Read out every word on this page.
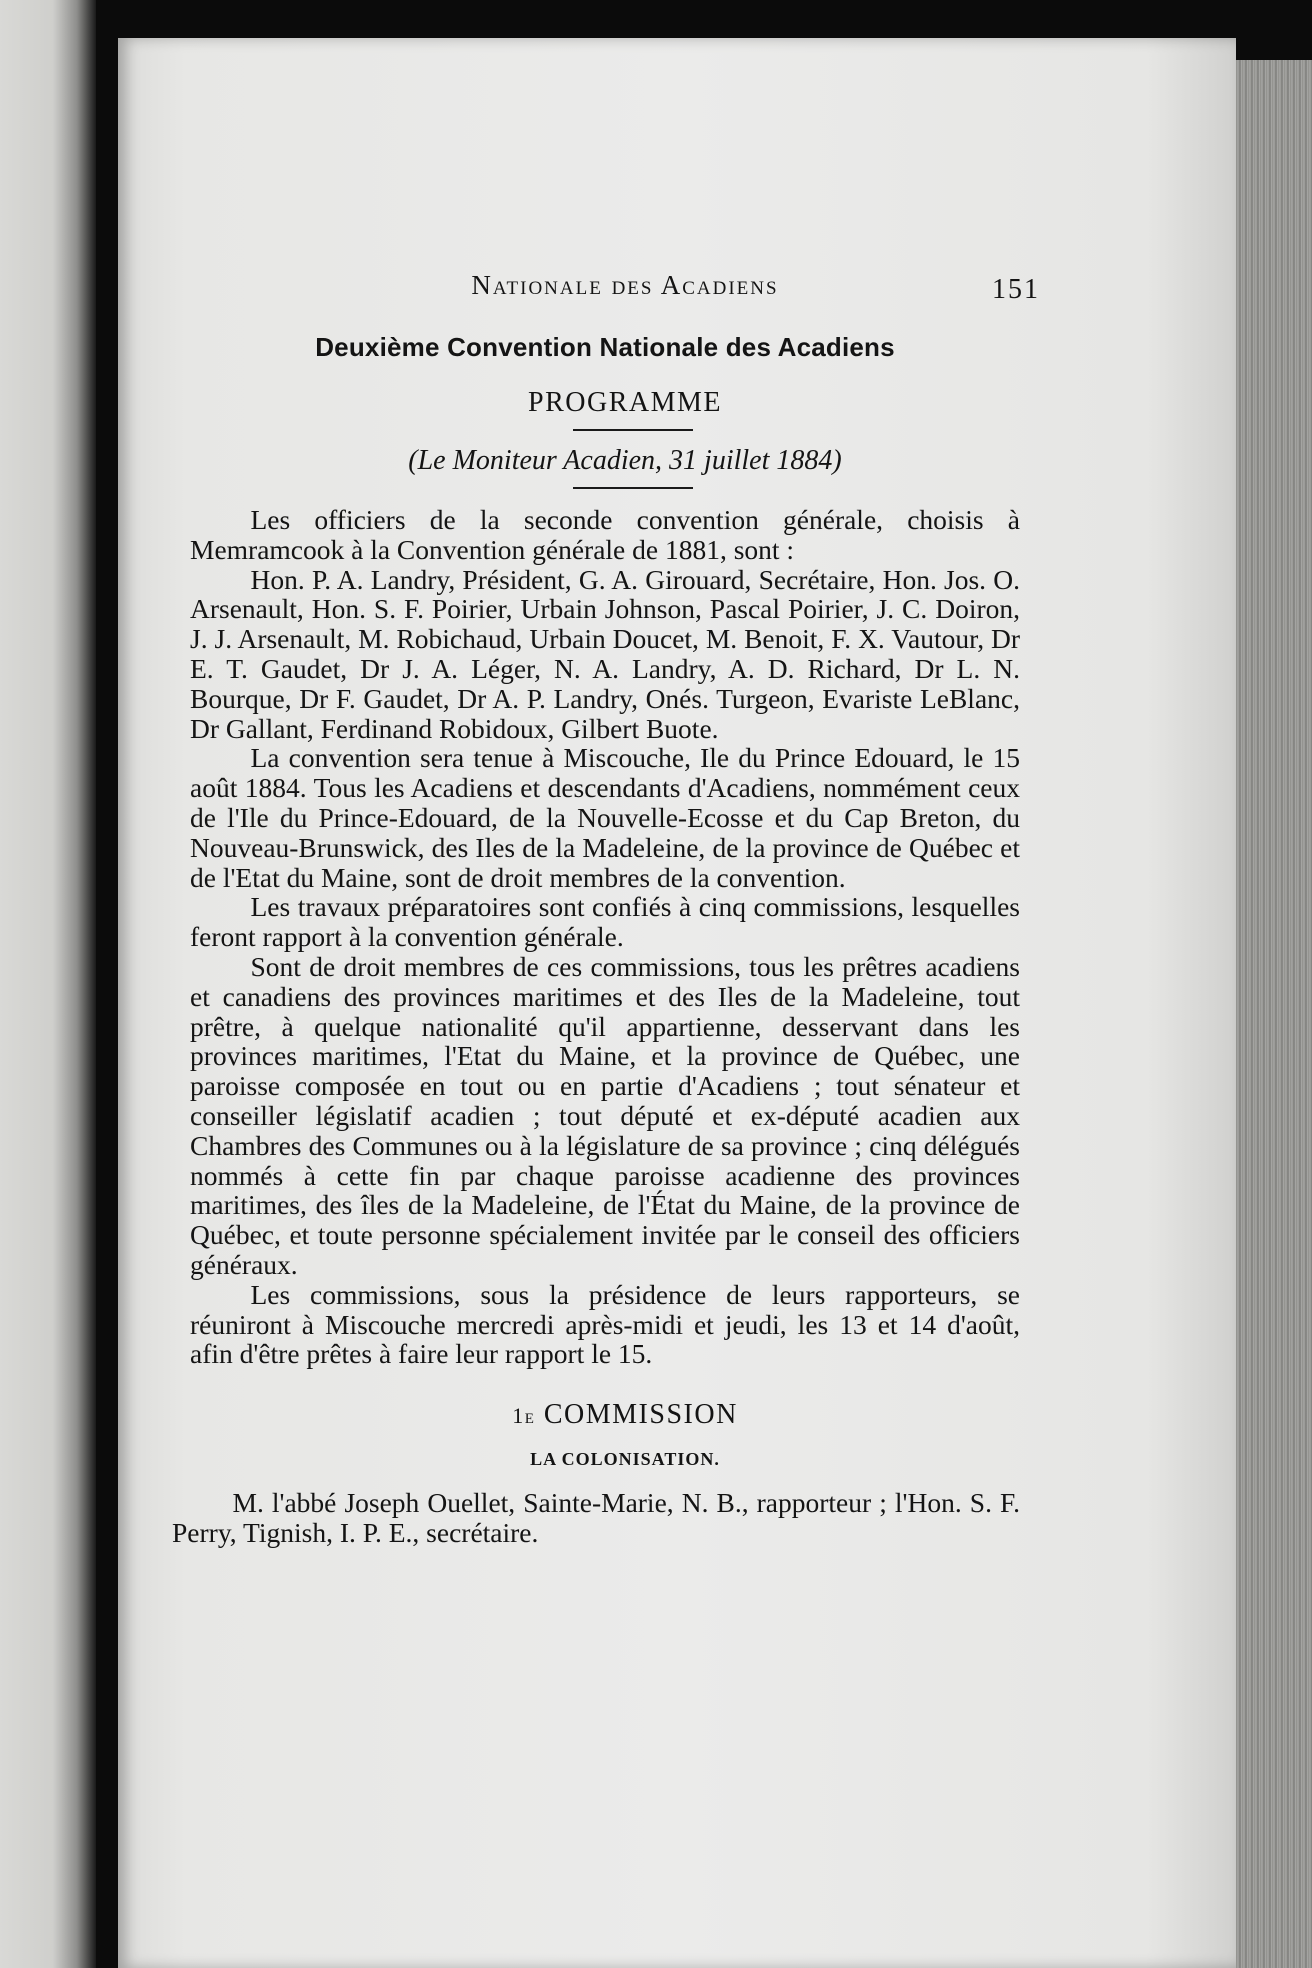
Nationale des Acadiens	151
Deuxième Convention Nationale des Acadiens
PROGRAMME
(Le Moniteur Acadien, 31 juillet 1884)

Les officiers de la seconde convention générale, choisis à Memramcook à la Convention générale de 1881, sont :

Hon. P. A. Landry, Président, G. A. Girouard, Secrétaire, Hon. Jos. O. Arsenault, Hon. S. F. Poirier, Urbain Johnson, Pascal Poirier, J. C. Doiron, J. J. Arsenault, M. Robichaud, Urbain Doucet, M. Benoit, F. X. Vautour, Dr E. T. Gaudet, Dr J. A. Léger, N. A. Landry, A. D. Richard, Dr L. N. Bourque, Dr F. Gaudet, Dr A. P. Landry, Onés. Turgeon, Evariste LeBlanc, Dr Gallant, Ferdinand Robidoux, Gilbert Buote.

La convention sera tenue à Miscouche, Ile du Prince Edouard, le 15 août 1884. Tous les Acadiens et descendants d'Acadiens, nommément ceux de l'Ile du Prince-Edouard, de la Nouvelle-Ecosse et du Cap Breton, du Nouveau-Brunswick, des Iles de la Madeleine, de la province de Québec et de l'Etat du Maine, sont de droit membres de la convention.

Les travaux préparatoires sont confiés à cinq commissions, lesquelles feront rapport à la convention générale.

Sont de droit membres de ces commissions, tous les prêtres acadiens et canadiens des provinces maritimes et des Iles de la Madeleine, tout prêtre, à quelque nationalité qu'il appartienne, desservant dans les provinces maritimes, l'Etat du Maine, et la province de Québec, une paroisse composée en tout ou en partie d'Acadiens ; tout sénateur et conseiller législatif acadien ; tout député et ex-député acadien aux Chambres des Communes ou à la législature de sa province ; cinq délégués nommés à cette fin par chaque paroisse acadienne des provinces maritimes, des îles de la Madeleine, de l'État du Maine, de la province de Québec, et toute personne spécialement invitée par le conseil des officiers généraux.

Les commissions, sous la présidence de leurs rapporteurs, se réuniront à Miscouche mercredi après-midi et jeudi, les 13 et 14 d'août, afin d'être prêtes à faire leur rapport le 15.

1e COMMISSION
LA COLONISATION.

M. l'abbé Joseph Ouellet, Sainte-Marie, N. B., rapporteur ; l'Hon. S. F. Perry, Tignish, I. P. E., secrétaire.
